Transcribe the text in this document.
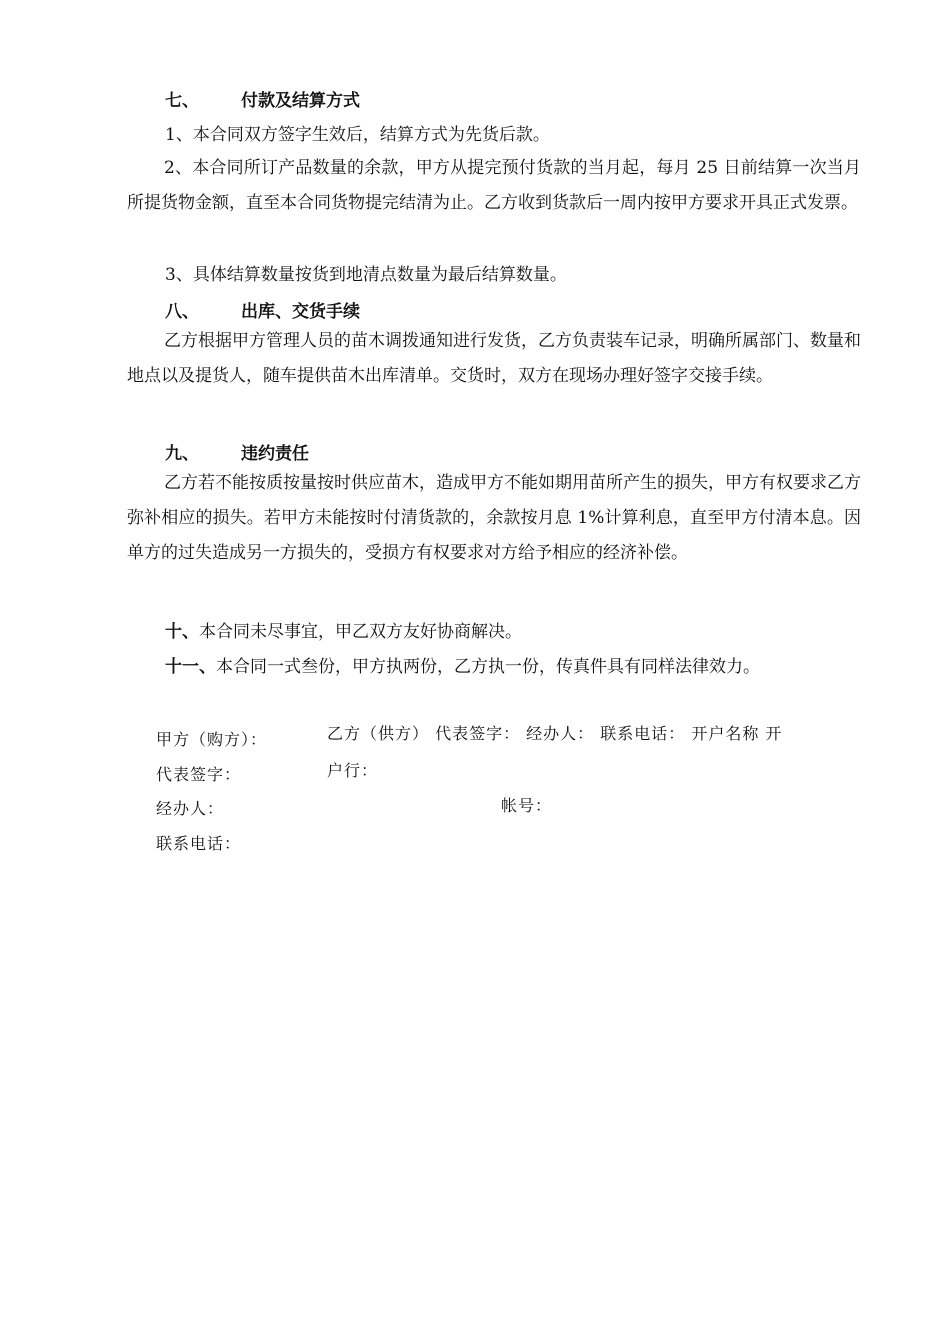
七、 付款及结算方式
1、本合同双方签字生效后，结算方式为先货后款。

2、本合同所订产品数量的余款，甲方从提完预付货款的当月起，每月 25 日前结算一次当月所提货物金额，直至本合同货物提完结清为止。乙方收到货款后一周内按甲方要求开具正式发票。

3、具体结算数量按货到地清点数量为最后结算数量。
八、 出库、交货手续

乙方根据甲方管理人员的苗木调拨通知进行发货，乙方负责装车记录，明确所属部门、数量和地点以及提货人，随车提供苗木出库清单。交货时，双方在现场办理好签字交接手续。

九、 违约责任

乙方若不能按质按量按时供应苗木，造成甲方不能如期用苗所产生的损失，甲方有权要求乙方弥补相应的损失。若甲方未能按时付清货款的，余款按月息 1%计算利息，直至甲方付清本息。因单方的过失造成另一方损失的，受损方有权要求对方给予相应的经济补偿。

十、本合同未尽事宜，甲乙双方友好协商解决。
十一、本合同一式叁份，甲方执两份，乙方执一份，传真件具有同样法律效力。
甲方（购方）：
代表签字：
经办人：
联系电话：
乙方（供方） 代表签字： 经办人： 联系电话： 开户名称 开
户行：
帐号：
